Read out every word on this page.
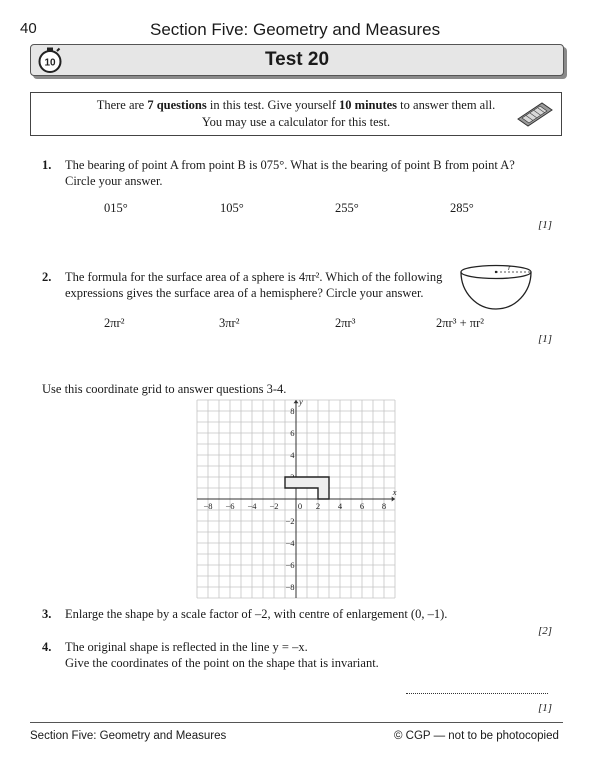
40	Section Five: Geometry and Measures
10	Test 20
There are 7 questions in this test. Give yourself 10 minutes to answer them all.
You may use a calculator for this test.
1. The bearing of point A from point B is 075°. What is the bearing of point B from point A?
Circle your answer.
015°	105°	255°	285°
[1]
2. The formula for the surface area of a sphere is 4πr². Which of the following
expressions gives the surface area of a hemisphere? Circle your answer.
r
2πr²	3πr²	2πr³	2πr³ + πr²
[1]
Use this coordinate grid to answer questions 3-4.
−8 −6 −4 −2 0 2 4 6 8
8
6
4
−2
−4
−6
−8
x
y
3. Enlarge the shape by a scale factor of –2, with centre of enlargement (0, –1).
[2]
4. The original shape is reflected in the line y = –x.
Give the coordinates of the point on the shape that is invariant.
[1]
Section Five: Geometry and Measures	© CGP — not to be photocopied
